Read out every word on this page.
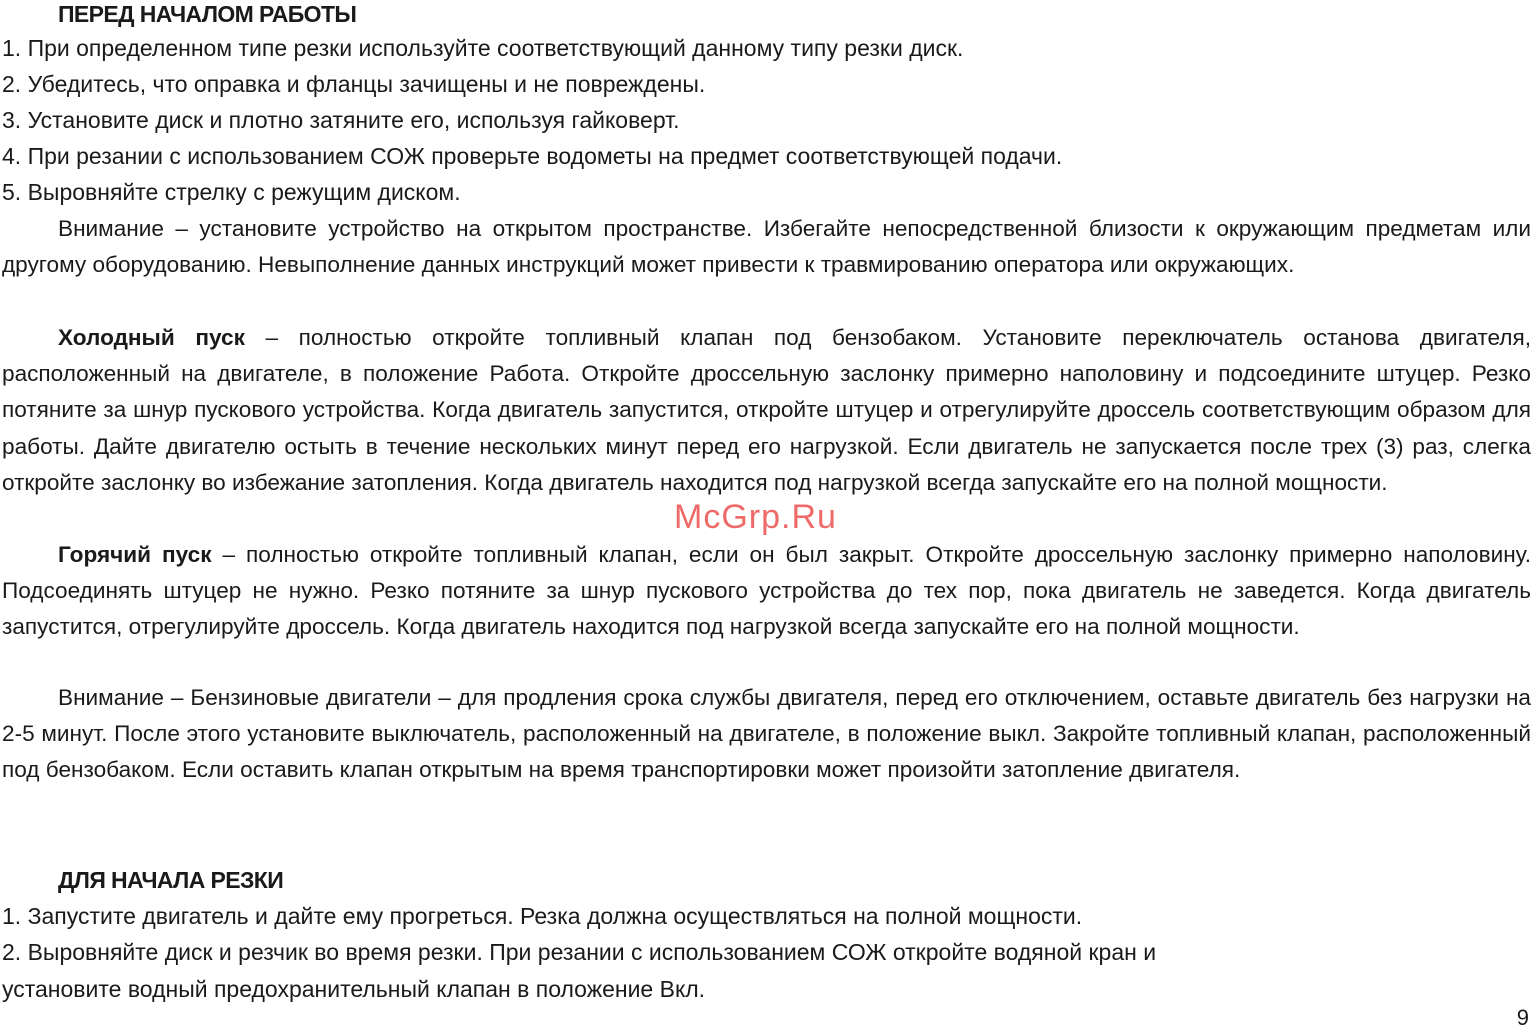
ПЕРЕД НАЧАЛОМ РАБОТЫ
1. При определенном типе резки используйте соответствующий данному типу резки диск.
2. Убедитесь, что оправка и фланцы зачищены и не повреждены.
3. Установите диск и плотно затяните его, используя гайковерт.
4. При резании с использованием СОЖ проверьте водометы на предмет соответствующей подачи.
5. Выровняйте стрелку с режущим диском.
Внимание – установите устройство на открытом пространстве. Избегайте непосредственной близости к окружающим предметам или другому оборудованию. Невыполнение данных инструкций может привести к травмированию оператора или окружающих.
Холодный пуск – полностью откройте топливный клапан под бензобаком. Установите переключатель останова двигателя, расположенный на двигателе, в положение Работа. Откройте дроссельную заслонку примерно наполовину и подсоедините штуцер. Резко потяните за шнур пускового устройства. Когда двигатель запустится, откройте штуцер и отрегулируйте дроссель соответствующим образом для работы. Дайте двигателю остыть в течение нескольких минут перед его нагрузкой. Если двигатель не запускается после трех (3) раз, слегка откройте заслонку во избежание затопления. Когда двигатель находится под нагрузкой всегда запускайте его на полной мощности.
Горячий пуск – полностью откройте топливный клапан, если он был закрыт. Откройте дроссельную заслонку примерно наполовину. Подсоединять штуцер не нужно. Резко потяните за шнур пускового устройства до тех пор, пока двигатель не заведется. Когда двигатель запустится, отрегулируйте дроссель. Когда двигатель находится под нагрузкой всегда запускайте его на полной мощности.
Внимание – Бензиновые двигатели – для продления срока службы двигателя, перед его отключением, оставьте двигатель без нагрузки на 2-5 минут. После этого установите выключатель, расположенный на двигателе, в положение выкл. Закройте топливный клапан, расположенный под бензобаком. Если оставить клапан открытым на время транспортировки может произойти затопление двигателя.
ДЛЯ НАЧАЛА РЕЗКИ
1. Запустите двигатель и дайте ему прогреться. Резка должна осуществляться на полной мощности.
2. Выровняйте диск и резчик во время резки. При резании с использованием СОЖ откройте водяной кран и
установите водный предохранительный клапан в положение Вкл.
9
McGrp.Ru
